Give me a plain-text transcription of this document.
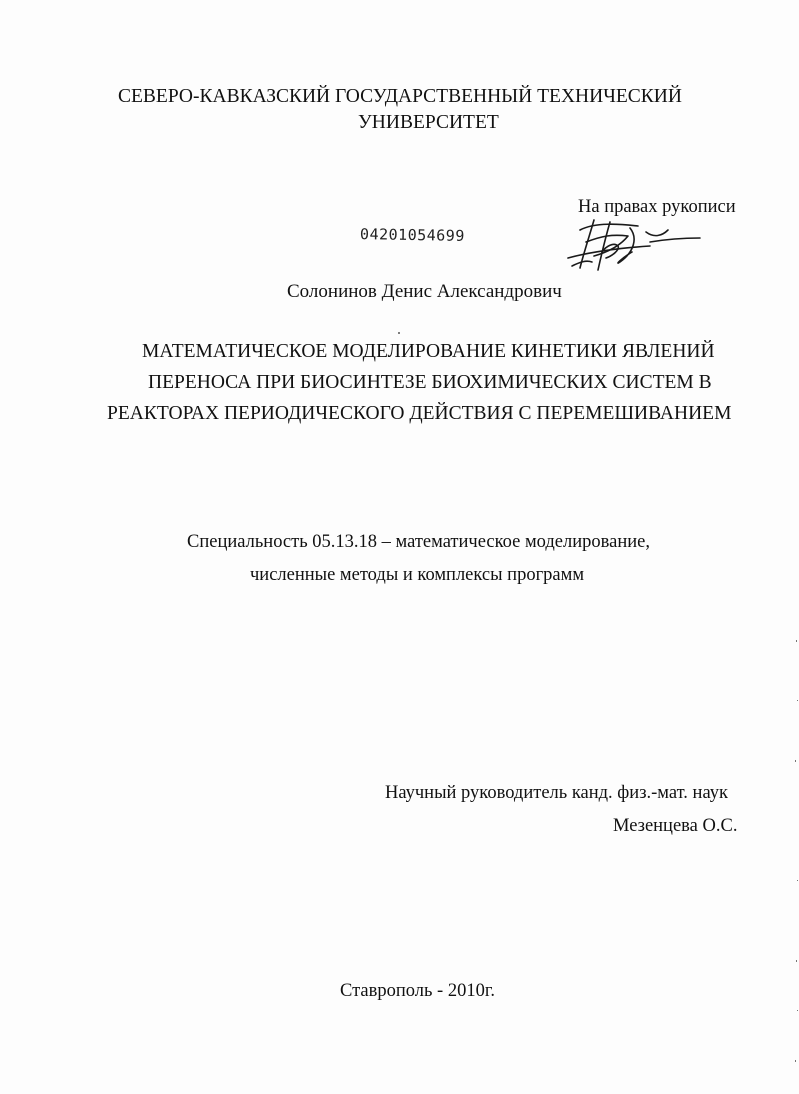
СЕВЕРО-КАВКАЗСКИЙ ГОСУДАРСТВЕННЫЙ ТЕХНИЧЕСКИЙ
УНИВЕРСИТЕТ
На правах рукописи
04201054699
Солонинов Денис Александрович
МАТЕМАТИЧЕСКОЕ МОДЕЛИРОВАНИЕ КИНЕТИКИ ЯВЛЕНИЙ
ПЕРЕНОСА ПРИ БИОСИНТЕЗЕ БИОХИМИЧЕСКИХ СИСТЕМ В
РЕАКТОРАХ ПЕРИОДИЧЕСКОГО ДЕЙСТВИЯ С ПЕРЕМЕШИВАНИЕМ
Специальность 05.13.18 – математическое моделирование,
численные методы и комплексы программ
Научный руководитель канд. физ.-мат. наук
Мезенцева О.С.
Ставрополь - 2010г.
